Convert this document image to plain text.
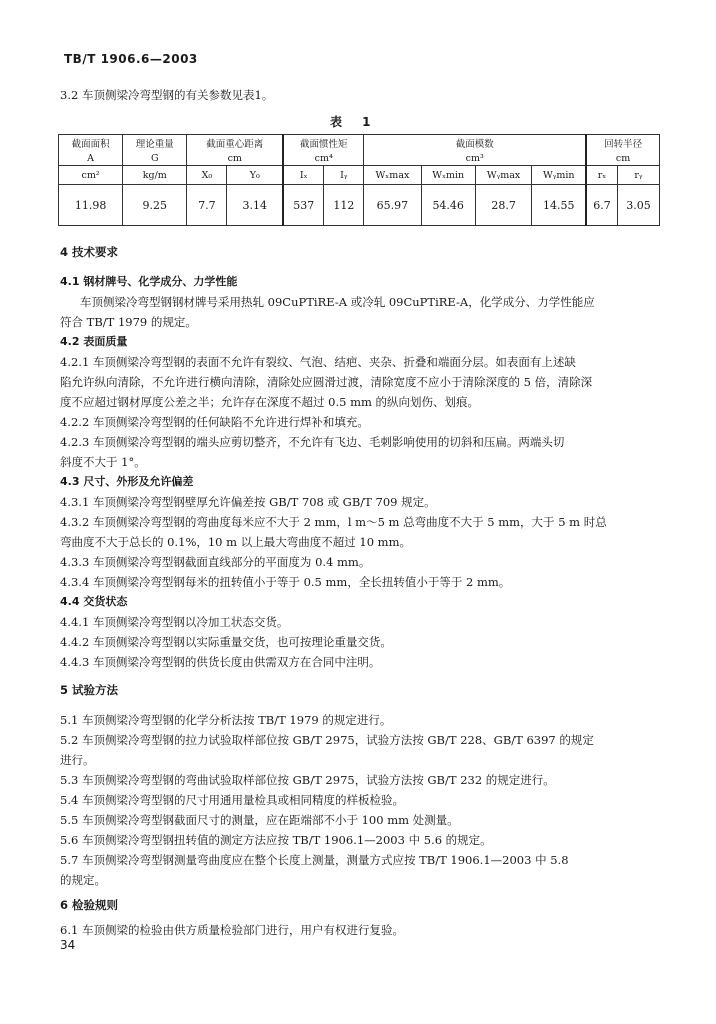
TB/T 1906.6—2003
3.2 车顶侧梁冷弯型钢的有关参数见表1。
表 1
截面面积	理论重量	截面重心距离		截面惯性矩		截面模数				回转半径	
A	G	cm		cm⁴		cm³				cm	
cm²	kg/m	X₀	Y₀	Iₓ	Iᵧ	Wₓmax	Wₓmin	Wᵧmax	Wᵧmin	rₓ	rᵧ
11.98	9.25	7.7	3.14	537	112	65.97	54.46	28.7	14.55	6.7	3.05
4 技术要求
4.1 钢材牌号、化学成分、力学性能
车顶侧梁冷弯型钢钢材牌号采用热轧 09CuPTiRE-A 或冷轧 09CuPTiRE-A，化学成分、力学性能应
符合 TB/T 1979 的规定。
4.2 表面质量
4.2.1 车顶侧梁冷弯型钢的表面不允许有裂纹、气泡、结疤、夹杂、折叠和端面分层。如表面有上述缺
陷允许纵向清除，不允许进行横向清除，清除处应圆滑过渡，清除宽度不应小于清除深度的 5 倍，清除深
度不应超过钢材厚度公差之半；允许存在深度不超过 0.5 mm 的纵向划伤、划痕。
4.2.2 车顶侧梁冷弯型钢的任何缺陷不允许进行焊补和填充。
4.2.3 车顶侧梁冷弯型钢的端头应剪切整齐，不允许有飞边、毛刺影响使用的切斜和压扁。两端头切
斜度不大于 1°。
4.3 尺寸、外形及允许偏差
4.3.1 车顶侧梁冷弯型钢壁厚允许偏差按 GB/T 708 或 GB/T 709 规定。
4.3.2 车顶侧梁冷弯型钢的弯曲度每米应不大于 2 mm，l m～5 m 总弯曲度不大于 5 mm，大于 5 m 时总
弯曲度不大于总长的 0.1%，10 m 以上最大弯曲度不超过 10 mm。
4.3.3 车顶侧梁冷弯型钢截面直线部分的平面度为 0.4 mm。
4.3.4 车顶侧梁冷弯型钢每米的扭转值小于等于 0.5 mm，全长扭转值小于等于 2 mm。
4.4 交货状态
4.4.1 车顶侧梁冷弯型钢以冷加工状态交货。
4.4.2 车顶侧梁冷弯型钢以实际重量交货，也可按理论重量交货。
4.4.3 车顶侧梁冷弯型钢的供货长度由供需双方在合同中注明。
5 试验方法
5.1 车顶侧梁冷弯型钢的化学分析法按 TB/T 1979 的规定进行。
5.2 车顶侧梁冷弯型钢的拉力试验取样部位按 GB/T 2975，试验方法按 GB/T 228、GB/T 6397 的规定
进行。
5.3 车顶侧梁冷弯型钢的弯曲试验取样部位按 GB/T 2975，试验方法按 GB/T 232 的规定进行。
5.4 车顶侧梁冷弯型钢的尺寸用通用量检具或相同精度的样板检验。
5.5 车顶侧梁冷弯型钢截面尺寸的测量，应在距端部不小于 100 mm 处测量。
5.6 车顶侧梁冷弯型钢扭转值的测定方法应按 TB/T 1906.1—2003 中 5.6 的规定。
5.7 车顶侧梁冷弯型钢测量弯曲度应在整个长度上测量，测量方式应按 TB/T 1906.1—2003 中 5.8
的规定。
6 检验规则
6.1 车顶侧梁的检验由供方质量检验部门进行，用户有权进行复验。
34
